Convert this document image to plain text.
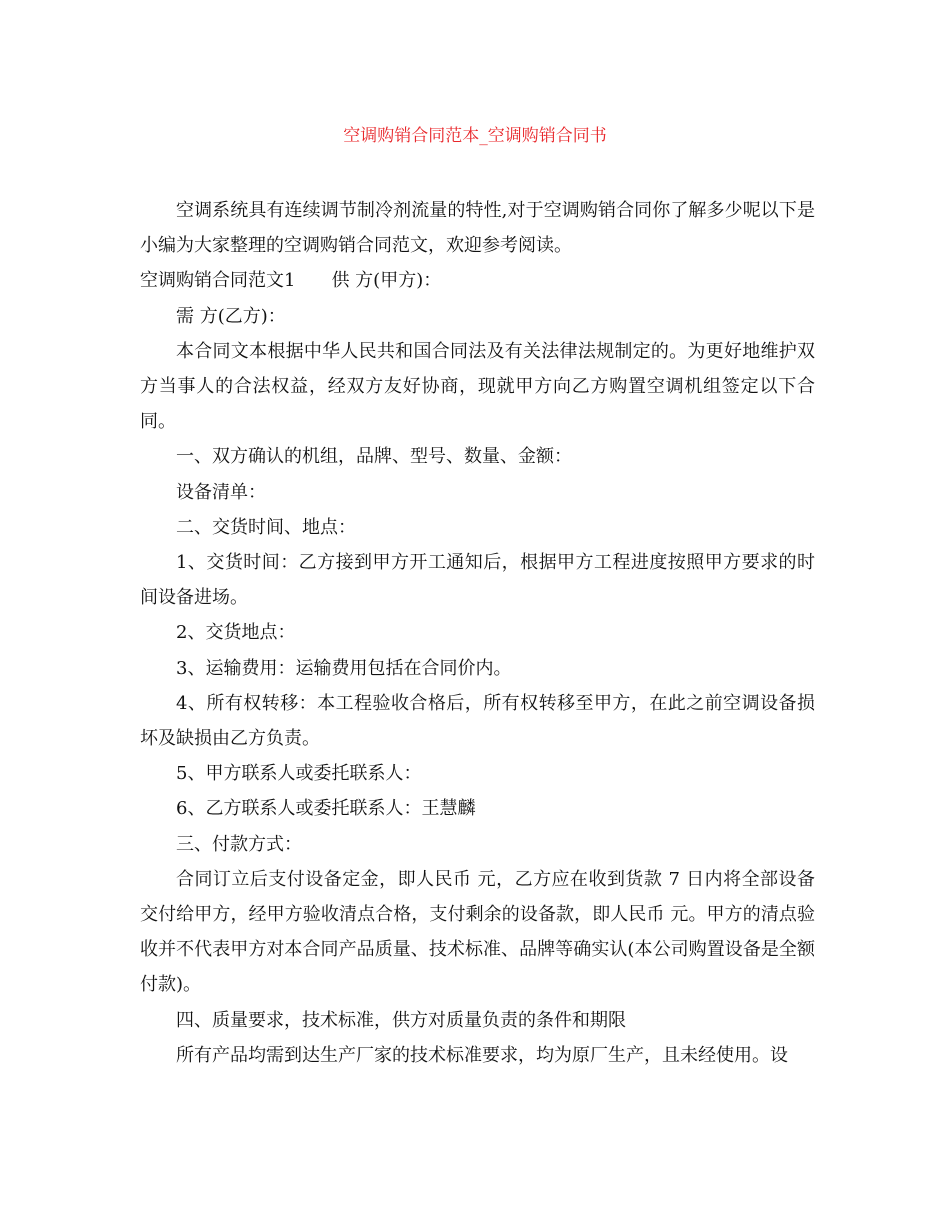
空调购销合同范本_空调购销合同书

空调系统具有连续调节制冷剂流量的特性,对于空调购销合同你了解多少呢以下是小编为大家整理的空调购销合同范文，欢迎参考阅读。

空调购销合同范文1 供 方(甲方)：

需 方(乙方)：

本合同文本根据中华人民共和国合同法及有关法律法规制定的。为更好地维护双方当事人的合法权益，经双方友好协商，现就甲方向乙方购置空调机组签定以下合同。

一、双方确认的机组，品牌、型号、数量、金额：

设备清单：

二、交货时间、地点：

1、交货时间：乙方接到甲方开工通知后，根据甲方工程进度按照甲方要求的时间设备进场。

2、交货地点：

3、运输费用：运输费用包括在合同价内。

4、所有权转移：本工程验收合格后，所有权转移至甲方，在此之前空调设备损坏及缺损由乙方负责。

5、甲方联系人或委托联系人：

6、乙方联系人或委托联系人：王慧麟

三、付款方式：

合同订立后支付设备定金，即人民币 元，乙方应在收到货款 7 日内将全部设备交付给甲方，经甲方验收清点合格，支付剩余的设备款，即人民币 元。甲方的清点验收并不代表甲方对本合同产品质量、技术标准、品牌等确实认(本公司购置设备是全额付款)。

四、质量要求，技术标准，供方对质量负责的条件和期限

所有产品均需到达生产厂家的技术标准要求，均为原厂生产，且未经使用。设
